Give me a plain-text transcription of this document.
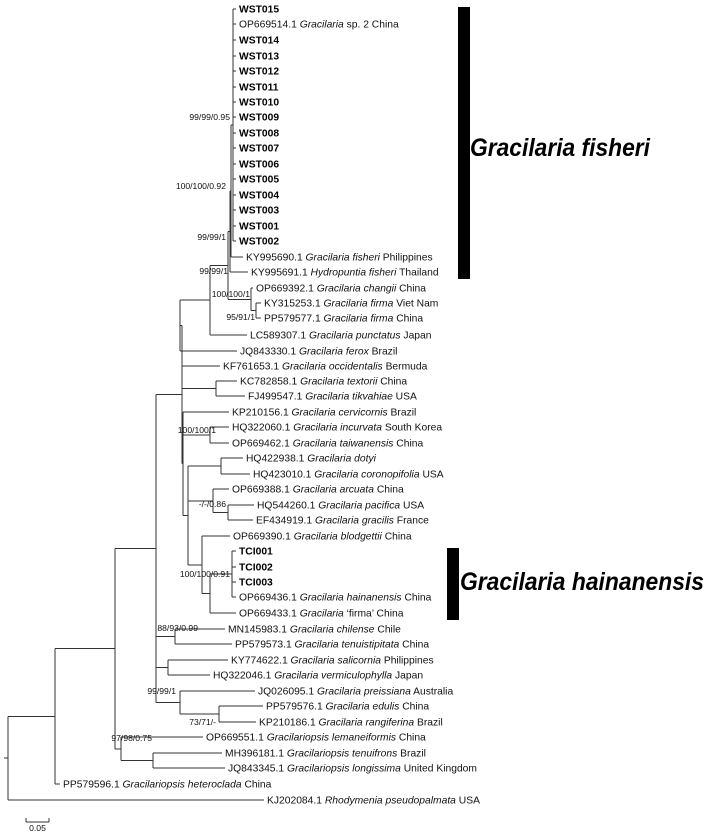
WST015
OP669514.1 Gracilaria sp. 2 China
WST014
WST013
WST012
WST011
WST010
WST009
WST008
WST007
WST006
WST005
WST004
WST003
WST001
WST002
KY995690.1 Gracilaria fisheri Philippines
KY995691.1 Hydropuntia fisheri Thailand
OP669392.1 Gracilaria changii China
KY315253.1 Gracilaria firma Viet Nam
PP579577.1 Gracilaria firma China
LC589307.1 Gracilaria punctatus Japan
JQ843330.1 Gracilaria ferox Brazil
KF761653.1 Gracilaria occidentalis Bermuda
KC782858.1 Gracilaria textorii China
FJ499547.1 Gracilaria tikvahiae USA
KP210156.1 Gracilaria cervicornis Brazil
HQ322060.1 Gracilaria incurvata South Korea
OP669462.1 Gracilaria taiwanensis China
HQ422938.1 Gracilaria dotyi
HQ423010.1 Gracilaria coronopifolia USA
OP669388.1 Gracilaria arcuata China
HQ544260.1 Gracilaria pacifica USA
EF434919.1 Gracilaria gracilis France
OP669390.1 Gracilaria blodgettii China
TCI001
TCI002
TCI003
OP669436.1 Gracilaria hainanensis China
OP669433.1 Gracilaria ‘firma’ China
MN145983.1 Gracilaria chilense Chile
PP579573.1 Gracilaria tenuistipitata China
KY774622.1 Gracilaria salicornia Philippines
HQ322046.1 Gracilaria vermiculophylla Japan
JQ026095.1 Gracilaria preissiana Australia
PP579576.1 Gracilaria edulis China
KP210186.1 Gracilaria rangiferina Brazil
OP669551.1 Gracilariopsis lemaneiformis China
MH396181.1 Gracilariopsis tenuifrons Brazil
JQ843345.1 Gracilariopsis longissima United Kingdom
PP579596.1 Gracilariopsis heteroclada China
KJ202084.1 Rhodymenia pseudopalmata USA
99/99/0.95
100/100/0.92
99/99/1
99/99/1
100/100/1
95/91/1
100/100/1
-/-/0.86
100/100/0.91
88/93/0.99
99/99/1
73/71/-
97/98/0.75
Gracilaria fisheri
Gracilaria hainanensis
0.05
